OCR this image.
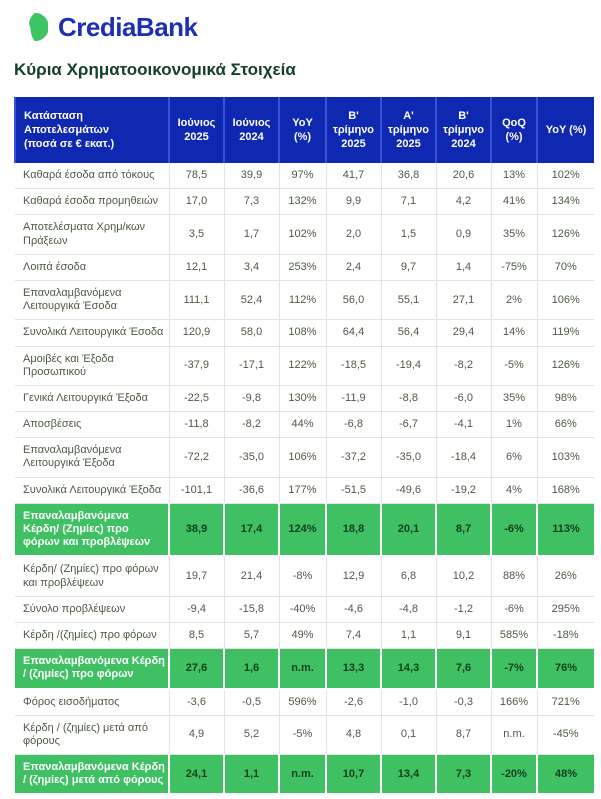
CrediaBank
Κύρια Χρηματοοικονομικά Στοιχεία
Κατάσταση Αποτελεσμάτων (ποσά σε € εκατ.)	Ιούνιος 2025	Ιούνιος 2024	YoY (%)	Β' τρίμηνο 2025	Α' τρίμηνο 2025	Β' τρίμηνο 2024	QoQ (%)	YoY (%)
Καθαρά έσοδα από τόκους	78,5	39,9	97%	41,7	36,8	20,6	13%	102%
Καθαρά έσοδα προμηθειών	17,0	7,3	132%	9,9	7,1	4,2	41%	134%
Αποτελέσματα Χρημ/κων Πράξεων	3,5	1,7	102%	2,0	1,5	0,9	35%	126%
Λοιπά έσοδα	12,1	3,4	253%	2,4	9,7	1,4	-75%	70%
Επαναλαμβανόμενα Λειτουργικά Έσοδα	111,1	52,4	112%	56,0	55,1	27,1	2%	106%
Συνολικά Λειτουργικά Έσοδα	120,9	58,0	108%	64,4	56,4	29,4	14%	119%
Αμοιβές και Έξοδα Προσωπικού	-37,9	-17,1	122%	-18,5	-19,4	-8,2	-5%	126%
Γενικά Λειτουργικά Έξοδα	-22,5	-9,8	130%	-11,9	-8,8	-6,0	35%	98%
Αποσβέσεις	-11,8	-8,2	44%	-6,8	-6,7	-4,1	1%	66%
Επαναλαμβανόμενα Λειτουργικά Έξοδα	-72,2	-35,0	106%	-37,2	-35,0	-18,4	6%	103%
Συνολικά Λειτουργικά Έξοδα	-101,1	-36,6	177%	-51,5	-49,6	-19,2	4%	168%
Επαναλαμβανόμενα Κέρδη/ (Ζημίες) προ φόρων και προβλέψεων	38,9	17,4	124%	18,8	20,1	8,7	-6%	113%
Κέρδη/ (Ζημίες) προ φόρων και προβλέψεων	19,7	21,4	-8%	12,9	6,8	10,2	88%	26%
Σύνολο προβλέψεων	-9,4	-15,8	-40%	-4,6	-4,8	-1,2	-6%	295%
Κέρδη /(ζημίες) προ φόρων	8,5	5,7	49%	7,4	1,1	9,1	585%	-18%
Επαναλαμβανόμενα Κέρδη / (ζημίες) προ φόρων	27,6	1,6	n.m.	13,3	14,3	7,6	-7%	76%
Φόρος εισοδήματος	-3,6	-0,5	596%	-2,6	-1,0	-0,3	166%	721%
Κέρδη / (ζημίες) μετά από φόρους	4,9	5,2	-5%	4,8	0,1	8,7	n.m.	-45%
Επαναλαμβανόμενα Κέρδη / (ζημίες) μετά από φόρους	24,1	1,1	n.m.	10,7	13,4	7,3	-20%	48%
